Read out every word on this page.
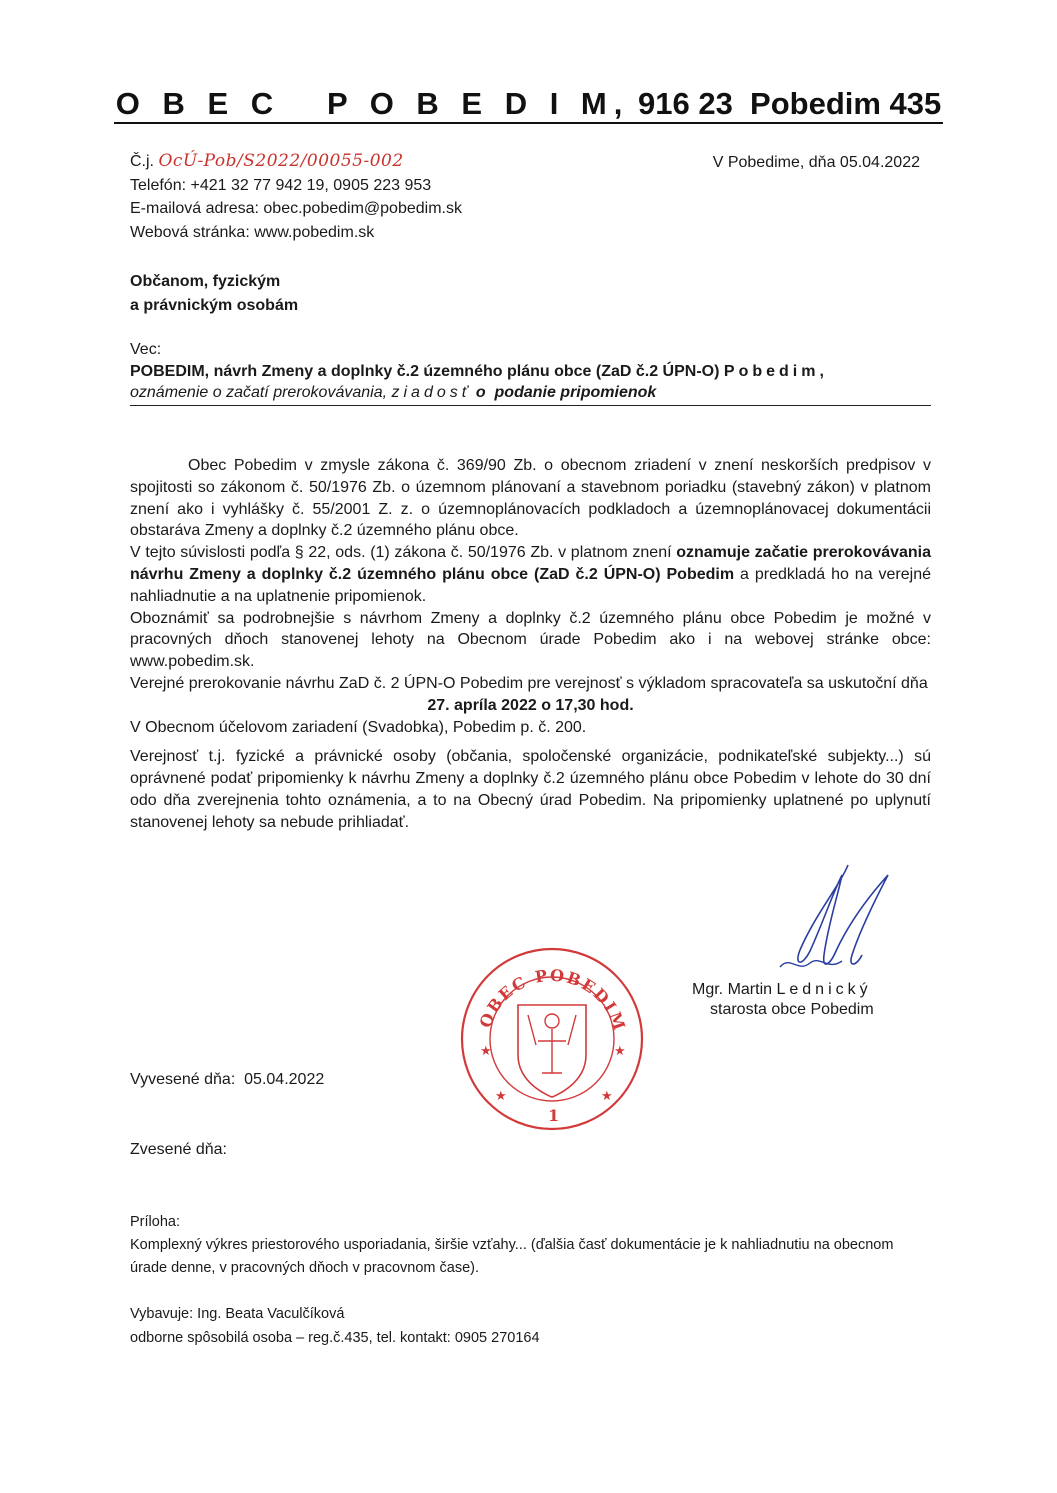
O B E C   P O B E D I M, 916 23  Pobedim 435
Č.j. OcÚ-Pob/S2022/00055-002
Telefón: +421 32 77 942 19, 0905 223 953
E-mailová adresa: obec.pobedim@pobedim.sk
Webová stránka: www.pobedim.sk
V Pobedime, dňa 05.04.2022
Občanom, fyzickým
a právnickým osobám
Vec:
POBEDIM, návrh Zmeny a doplnky č.2 územného plánu obce (ZaD č.2 ÚPN-O) Pobedim,
oznámenie o začatí prerokovávania, ziadosť o  podanie pripomienok

Obec Pobedim v zmysle zákona č. 369/90 Zb. o obecnom zriadení v znení neskorších predpisov v spojitosti so zákonom č. 50/1976 Zb. o územnom plánovaní a stavebnom poriadku (stavebný zákon) v platnom znení ako i vyhlášky č. 55/2001 Z. z. o územnoplánovacích podkladoch a územnoplánovacej dokumentácii obstaráva Zmeny a doplnky č.2 územného plánu obce.

V tejto súvislosti podľa § 22, ods. (1) zákona č. 50/1976 Zb. v platnom znení oznamuje začatie prerokovávania návrhu Zmeny a doplnky č.2 územného plánu obce (ZaD č.2 ÚPN-O) Pobedim a predkladá ho na verejné nahliadnutie a na uplatnenie pripomienok.

Oboznámiť sa podrobnejšie s návrhom Zmeny a doplnky č.2 územného plánu obce Pobedim je možné v pracovných dňoch stanovenej lehoty na Obecnom úrade Pobedim ako i na webovej stránke obce: www.pobedim.sk.

Verejné prerokovanie návrhu ZaD č. 2 ÚPN-O Pobedim pre verejnosť s výkladom spracovateľa sa uskutoční dňa

27. apríla 2022 o 17,30 hod.

V Obecnom účelovom zariadení (Svadobka), Pobedim p. č. 200.

Verejnosť t.j. fyzické a právnické osoby (občania, spoločenské organizácie, podnikateľské subjekty...) sú oprávnené podať pripomienky k návrhu Zmeny a doplnky č.2 územného plánu obce Pobedim v lehote do 30 dní odo dňa zverejnenia tohto oznámenia, a to na Obecný úrad Pobedim. Na pripomienky uplatnené po uplynutí stanovenej lehoty sa nebude prihliadať.

OBEC POBEDIM
★	★
★	★
1
Mgr. Martin Lednický
starosta obce Pobedim
Vyvesené dňa: 05.04.2022
Zvesené dňa:
Príloha:
Komplexný výkres priestorového usporiadania, širšie vzťahy... (ďalšia časť dokumentácie je k nahliadnutiu na obecnom úrade denne, v pracovných dňoch v pracovnom čase).
Vybavuje: Ing. Beata Vaculčíková
odborne spôsobilá osoba – reg.č.435, tel. kontakt: 0905 270164
